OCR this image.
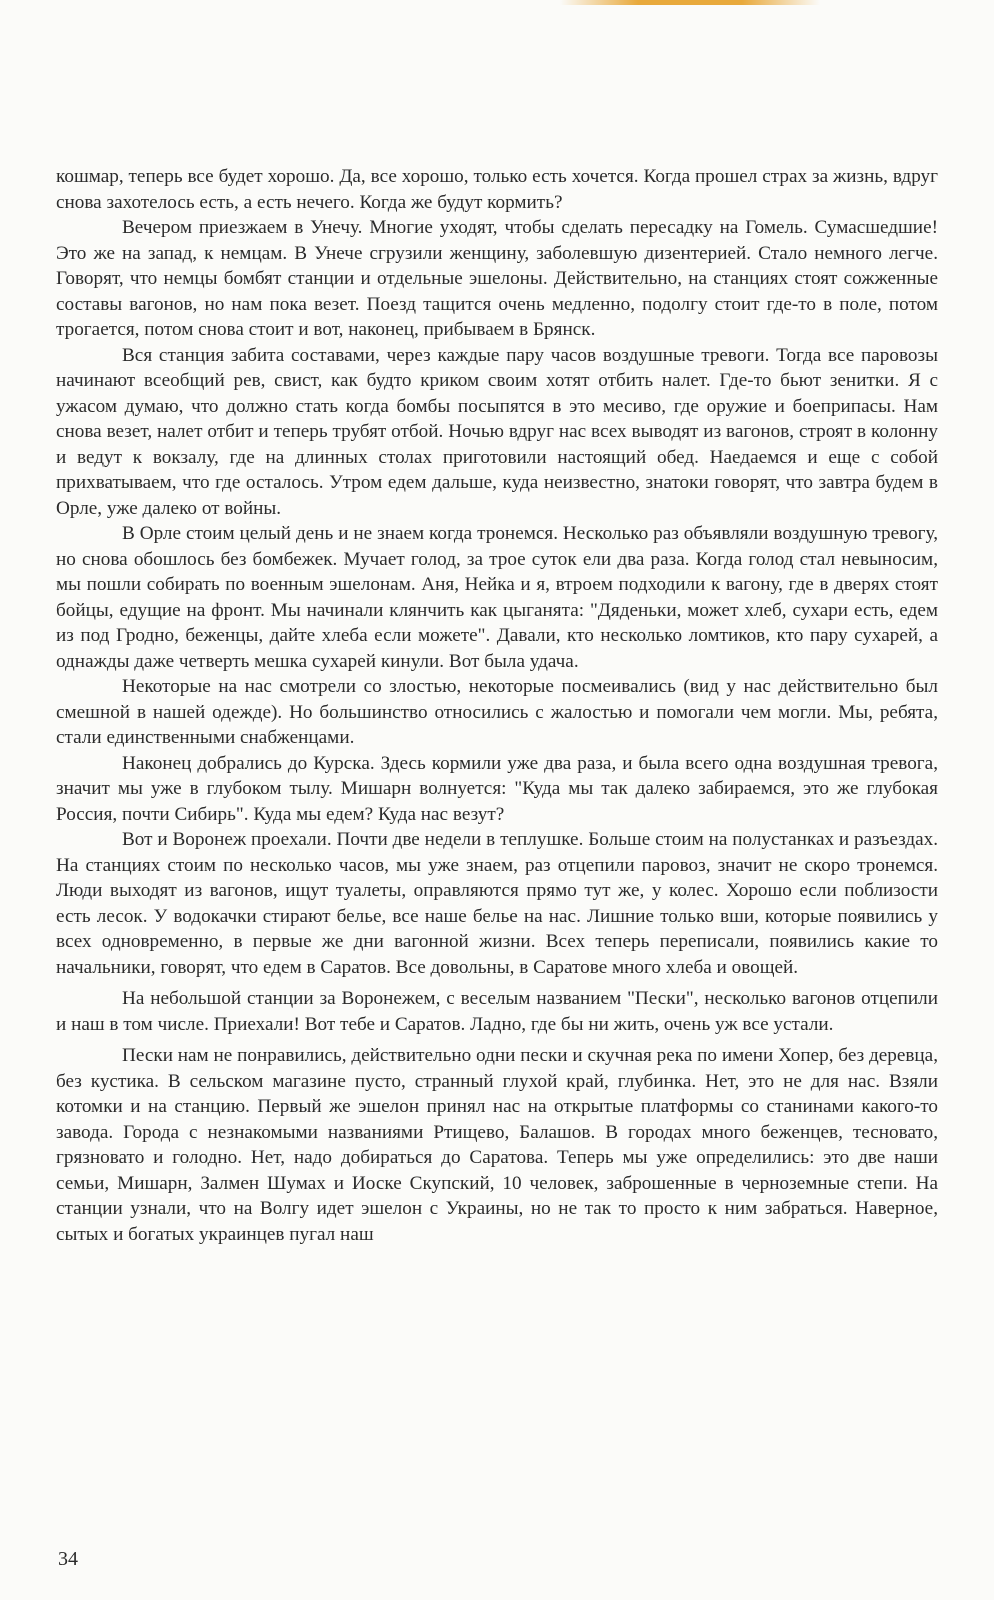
кошмар, теперь все будет хорошо. Да, все хорошо, только есть хочется. Когда прошел страх за жизнь, вдруг снова захотелось есть, а есть нечего. Когда же будут кормить?

Вечером приезжаем в Унечу. Многие уходят, чтобы сделать пересадку на Гомель. Сумасшедшие! Это же на запад, к немцам. В Унече сгрузили женщину, заболевшую дизентерией. Стало немного легче. Говорят, что немцы бомбят станции и отдельные эшелоны. Действительно, на станциях стоят сожженные составы вагонов, но нам пока везет. Поезд тащится очень медленно, подолгу стоит где-то в поле, потом трогается, потом снова стоит и вот, наконец, прибываем в Брянск.

Вся станция забита составами, через каждые пару часов воздушные тревоги. Тогда все паровозы начинают всеобщий рев, свист, как будто криком своим хотят отбить налет. Где-то бьют зенитки. Я с ужасом думаю, что должно стать когда бомбы посыпятся в это месиво, где оружие и боеприпасы. Нам снова везет, налет отбит и теперь трубят отбой. Ночью вдруг нас всех выводят из вагонов, строят в колонну и ведут к вокзалу, где на длинных столах приготовили настоящий обед. Наедаемся и еще с собой прихватываем, что где осталось. Утром едем дальше, куда неизвестно, знатоки говорят, что завтра будем в Орле, уже далеко от войны.

В Орле стоим целый день и не знаем когда тронемся. Несколько раз объявляли воздушную тревогу, но снова обошлось без бомбежек. Мучает голод, за трое суток ели два раза. Когда голод стал невыносим, мы пошли собирать по военным эшелонам. Аня, Нейка и я, втроем подходили к вагону, где в дверях стоят бойцы, едущие на фронт. Мы начинали клянчить как цыганята: "Дяденьки, может хлеб, сухари есть, едем из под Гродно, беженцы, дайте хлеба если можете". Давали, кто несколько ломтиков, кто пару сухарей, а однажды даже четверть мешка сухарей кинули. Вот была удача.

Некоторые на нас смотрели со злостью, некоторые посмеивались (вид у нас действительно был смешной в нашей одежде). Но большинство относились с жалостью и помогали чем могли. Мы, ребята, стали единственными снабженцами.

Наконец добрались до Курска. Здесь кормили уже два раза, и была всего одна воздушная тревога, значит мы уже в глубоком тылу. Мишарн волнуется: "Куда мы так далеко забираемся, это же глубокая Россия, почти Сибирь". Куда мы едем? Куда нас везут?

Вот и Воронеж проехали. Почти две недели в теплушке. Больше стоим на полустанках и разъездах. На станциях стоим по несколько часов, мы уже знаем, раз отцепили паровоз, значит не скоро тронемся. Люди выходят из вагонов, ищут туалеты, оправляются прямо тут же, у колес. Хорошо если поблизости есть лесок. У водокачки стирают белье, все наше белье на нас. Лишние только вши, которые появились у всех одновременно, в первые же дни вагонной жизни. Всех теперь переписали, появились какие то начальники, говорят, что едем в Саратов. Все довольны, в Саратове много хлеба и овощей.

На небольшой станции за Воронежем, с веселым названием "Пески", несколько вагонов отцепили и наш в том числе. Приехали! Вот тебе и Саратов. Ладно, где бы ни жить, очень уж все устали.

Пески нам не понравились, действительно одни пески и скучная река по имени Хопер, без деревца, без кустика. В сельском магазине пусто, странный глухой край, глубинка. Нет, это не для нас. Взяли котомки и на станцию. Первый же эшелон принял нас на открытые платформы со станинами какого-то завода. Города с незнакомыми названиями Ртищево, Балашов. В городах много беженцев, тесновато, грязновато и голодно. Нет, надо добираться до Саратова. Теперь мы уже определились: это две наши семьи, Мишарн, Залмен Шумах и Иоске Скупский, 10 человек, заброшенные в черноземные степи. На станции узнали, что на Волгу идет эшелон с Украины, но не так то просто к ним забраться. Наверное, сытых и богатых украинцев пугал наш

34
